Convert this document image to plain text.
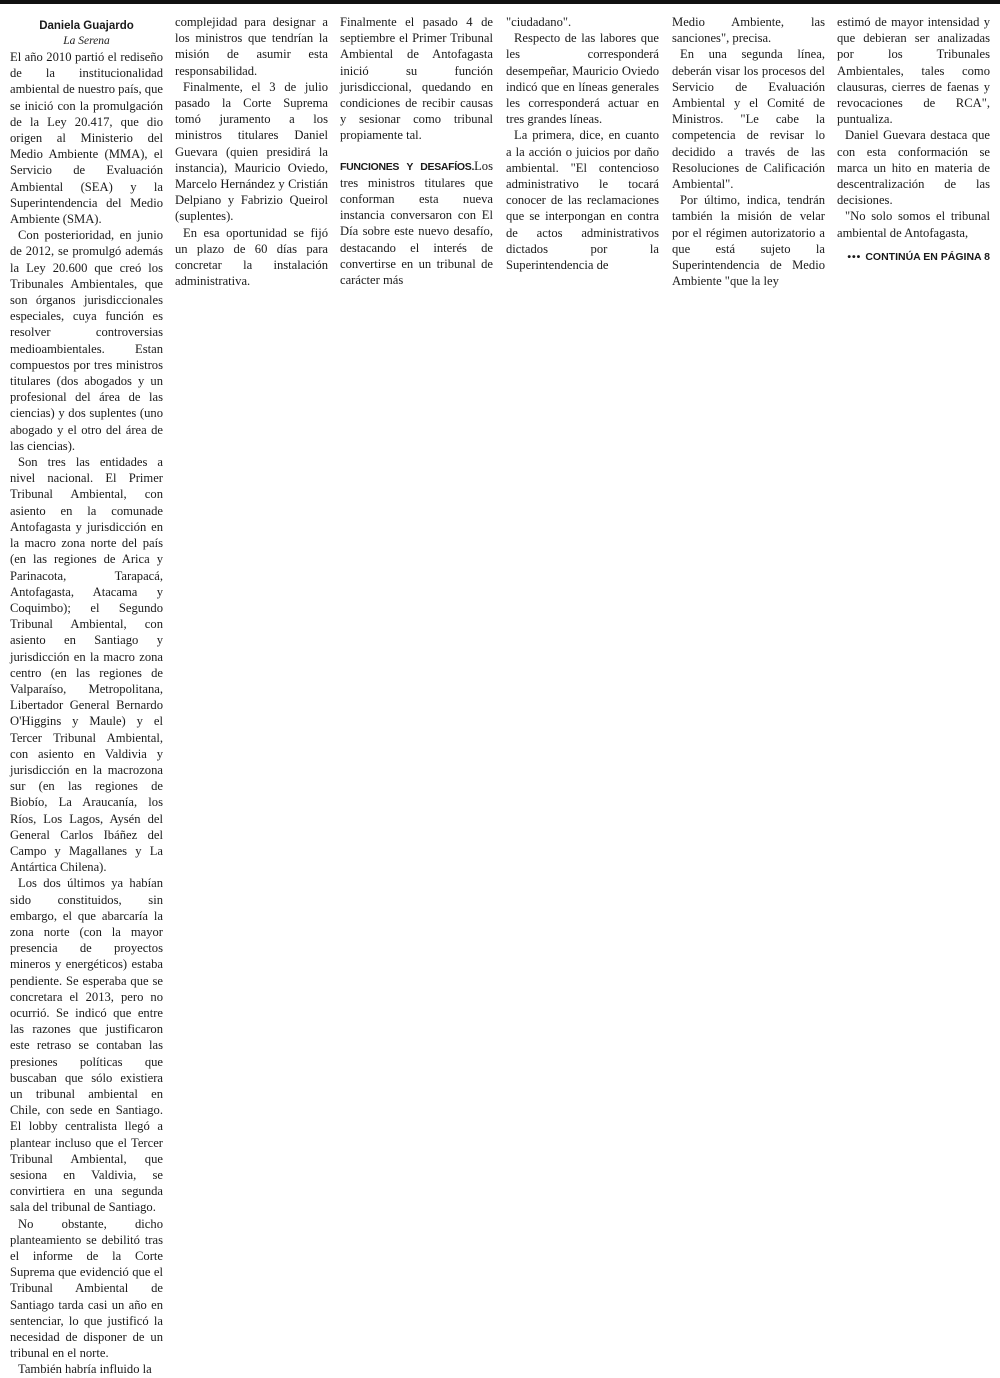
Daniela Guajardo
La Serena

El año 2010 partió el rediseño de la institucionalidad ambiental de nuestro país, que se inició con la promulgación de la Ley 20.417, que dio origen al Ministerio del Medio Ambiente (MMA), el Servicio de Evaluación Ambiental (SEA) y la Superintendencia del Medio Ambiente (SMA).

Con posterioridad, en junio de 2012, se promulgó además la Ley 20.600 que creó los Tribunales Ambientales, que son órganos jurisdiccionales especiales, cuya función es resolver controversias medioambientales. Estan compuestos por tres ministros titulares (dos abogados y un profesional del área de las ciencias) y dos suplentes (uno abogado y el otro del área de las ciencias).

Son tres las entidades a nivel nacional. El Primer Tribunal Ambiental, con asiento en la comunade Antofagasta y jurisdicción en la macro zona norte del país (en las regiones de Arica y Parinacota, Tarapacá, Antofagasta, Atacama y Coquimbo); el Segundo Tribunal Ambiental, con asiento en Santiago y jurisdicción en la macro zona centro (en las regiones de Valparaíso, Metropolitana, Libertador General Bernardo O'Higgins y Maule) y el Tercer Tribunal Ambiental, con asiento en Valdivia y jurisdicción en la macrozona sur (en las regiones de Biobío, La Araucanía, los Ríos, Los Lagos, Aysén del General Carlos Ibáñez del Campo y Magallanes y La Antártica Chilena).

Los dos últimos ya habían sido constituidos, sin embargo, el que abarcaría la zona norte (con la mayor presencia de proyectos mineros y energéticos) estaba pendiente. Se esperaba que se concretara el 2013, pero no ocurrió. Se indicó que entre las razones que justificaron este retraso se contaban las presiones políticas que buscaban que sólo existiera un tribunal ambiental en Chile, con sede en Santiago. El lobby centralista llegó a plantear incluso que el Tercer Tribunal Ambiental, que sesiona en Valdivia, se convirtiera en una segunda sala del tribunal de Santiago.

No obstante, dicho planteamiento se debilitó tras el informe de la Corte Suprema que evidenció que el Tribunal Ambiental de Santiago tarda casi un año en sentenciar, lo que justificó la necesidad de disponer de un tribunal en el norte.

También habría influido la

complejidad para designar a los ministros que tendrían la misión de asumir esta responsabilidad.

Finalmente, el 3 de julio pasado la Corte Suprema tomó juramento a los ministros titulares Daniel Guevara (quien presidirá la instancia), Mauricio Oviedo, Marcelo Hernández y Cristián Delpiano y Fabrizio Queirol (suplentes).

En esa oportunidad se fijó un plazo de 60 días para concretar la instalación administrativa.

Finalmente el pasado 4 de septiembre el Primer Tribunal Ambiental de Antofagasta inició su función jurisdiccional, quedando en condiciones de recibir causas y sesionar como tribunal propiamente tal.

FUNCIONES Y DESAFÍOS.Los tres ministros titulares que conforman esta nueva instancia conversaron con El Día sobre este nuevo desafío, destacando el interés de convertirse en un tribunal de carácter más

"ciudadano".

Respecto de las labores que les corresponderá desempeñar, Mauricio Oviedo indicó que en líneas generales les corresponderá actuar en tres grandes líneas.

La primera, dice, en cuanto a la acción o juicios por daño ambiental. "El contencioso administrativo le tocará conocer de las reclamaciones que se interpongan en contra de actos administrativos dictados por la Superintendencia de

Medio Ambiente, las sanciones", precisa.

En una segunda línea, deberán visar los procesos del Servicio de Evaluación Ambiental y el Comité de Ministros. "Le cabe la competencia de revisar lo decidido a través de las Resoluciones de Calificación Ambiental".

Por último, indica, tendrán también la misión de velar por el régimen autorizatorio a que está sujeto la Superintendencia de Medio Ambiente "que la ley

estimó de mayor intensidad y que debieran ser analizadas por los Tribunales Ambientales, tales como clausuras, cierres de faenas y revocaciones de RCA", puntualiza.

Daniel Guevara destaca que con esta conformación se marca un hito en materia de descentralización de las decisiones.

"No solo somos el tribunal ambiental de Antofagasta,

••• CONTINÚA EN PÁGINA 8
